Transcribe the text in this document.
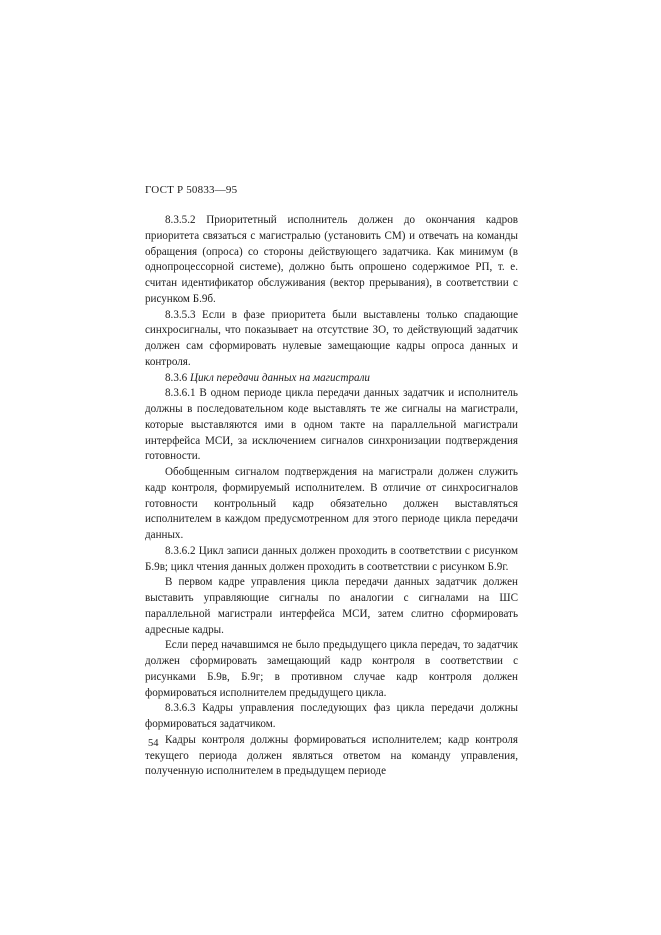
ГОСТ Р 50833—95

8.3.5.2 Приоритетный исполнитель должен до окончания кадров приоритета связаться с магистралью (установить СМ) и отвечать на команды обращения (опроса) со стороны действующего задатчика. Как минимум (в однопроцессорной системе), должно быть опрошено содержимое РП, т. е. считан идентификатор обслуживания (вектор прерывания), в соответствии с рисунком Б.9б.

8.3.5.3 Если в фазе приоритета были выставлены только спадающие синхросигналы, что показывает на отсутствие ЗО, то действующий задатчик должен сам сформировать нулевые замещающие кадры опроса данных и контроля.

8.3.6 Цикл передачи данных на магистрали

8.3.6.1 В одном периоде цикла передачи данных задатчик и исполнитель должны в последовательном коде выставлять те же сигналы на магистрали, которые выставляются ими в одном такте на параллельной магистрали интерфейса МСИ, за исключением сигналов синхронизации подтверждения готовности.

Обобщенным сигналом подтверждения на магистрали должен служить кадр контроля, формируемый исполнителем. В отличие от синхросигналов готовности контрольный кадр обязательно должен выставляться исполнителем в каждом предусмотренном для этого периоде цикла передачи данных.

8.3.6.2 Цикл записи данных должен проходить в соответствии с рисунком Б.9в; цикл чтения данных должен проходить в соответствии с рисунком Б.9г.

В первом кадре управления цикла передачи данных задатчик должен выставить управляющие сигналы по аналогии с сигналами на ШС параллельной магистрали интерфейса МСИ, затем слитно сформировать адресные кадры.

Если перед начавшимся не было предыдущего цикла передач, то задатчик должен сформировать замещающий кадр контроля в соответствии с рисунками Б.9в, Б.9г; в противном случае кадр контроля должен формироваться исполнителем предыдущего цикла.

8.3.6.3 Кадры управления последующих фаз цикла передачи должны формироваться задатчиком.

Кадры контроля должны формироваться исполнителем; кадр контроля текущего периода должен являться ответом на команду управления, полученную исполнителем в предыдущем периоде

54
